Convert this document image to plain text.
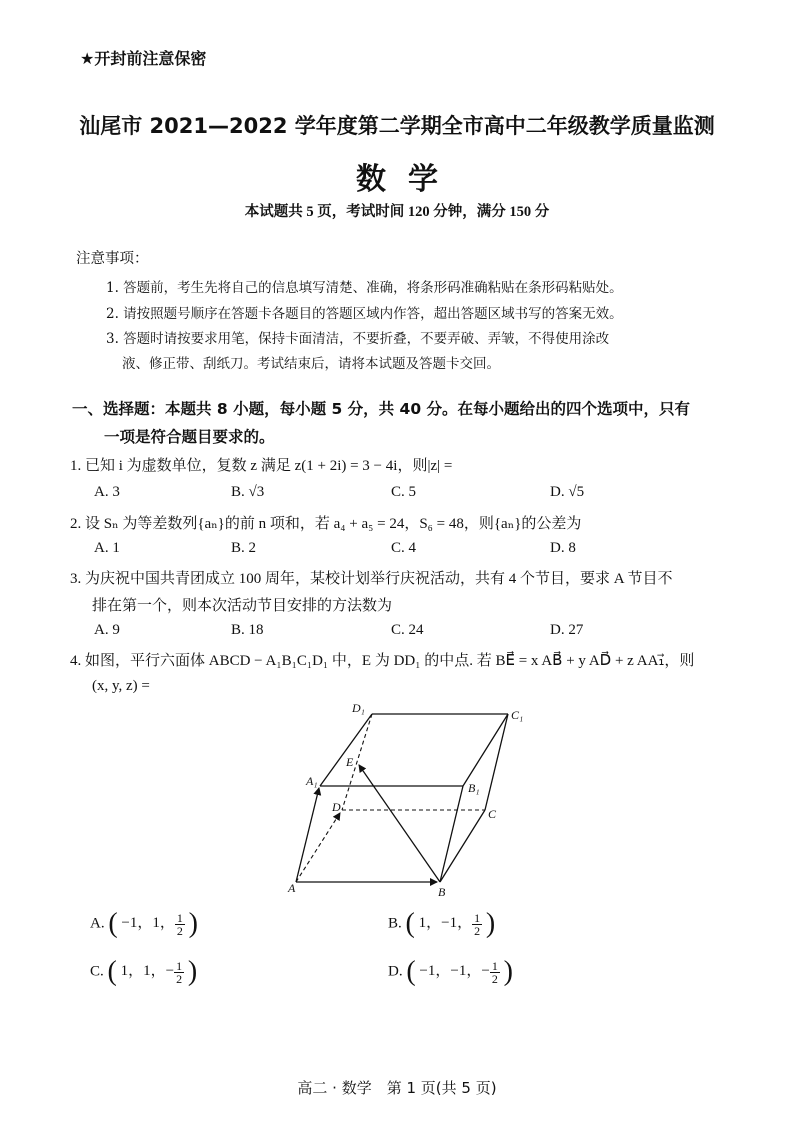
★开封前注意保密
汕尾市 2021—2022 学年度第二学期全市高中二年级教学质量监测
数学
本试题共 5 页，考试时间 120 分钟，满分 150 分
注意事项：
1. 答题前，考生先将自己的信息填写清楚、准确，将条形码准确粘贴在条形码粘贴处。
2. 请按照题号顺序在答题卡各题目的答题区域内作答，超出答题区域书写的答案无效。
3. 答题时请按要求用笔，保持卡面清洁，不要折叠，不要弄破、弄皱，不得使用涂改
液、修正带、刮纸刀。考试结束后，请将本试题及答题卡交回。
一、选择题：本题共 8 小题，每小题 5 分，共 40 分。在每小题给出的四个选项中，只有
一项是符合题目要求的。
1. 已知 i 为虚数单位，复数 z 满足 z(1 + 2i) = 3 − 4i，则|z| =
A. 3	B. √3	C. 5	D. √5
2. 设 Sₙ 为等差数列{aₙ}的前 n 项和，若 a₄ + a₅ = 24，S₆ = 48，则{aₙ}的公差为
A. 1	B. 2	C. 4	D. 8
3. 为庆祝中国共青团成立 100 周年，某校计划举行庆祝活动，共有 4 个节目，要求 A 节目不
排在第一个，则本次活动节目安排的方法数为
A. 9	B. 18	C. 24	D. 27
4. 如图，平行六面体 ABCD − A₁B₁C₁D₁ 中，E 为 DD₁ 的中点. 若 BE⃗ = x AB⃗ + y AD⃗ + z AA₁⃗，则
(x, y, z) =
D₁	C₁
A₁	B₁
E
D	C
A	B
A. ( −1，1， $\frac{1}{2}$ )	B. ( 1，−1， $\frac{1}{2}$ )
C. ( 1，1，− $\frac{1}{2}$ )	D. ( −1，−1，− $\frac{1}{2}$ )
高二 · 数学　第 1 页(共 5 页)
